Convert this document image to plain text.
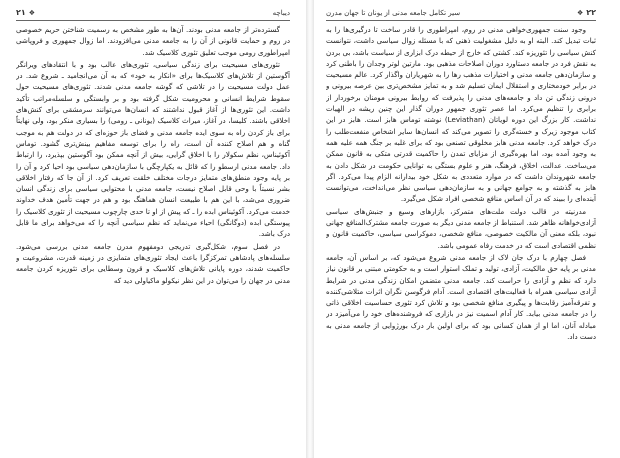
۲۱ ❖	دیباچه

گسترده‌تر از جامعه مدنی بودند. آن‌ها به طور مشخص به رسمیت شناختن حریم خصوصی در روم و حمایت قانونی از آن را به جامعه مدنی می‌افزودند. اما زوال جمهوری و فروپاشی امپراطوری رومی موجب تعلیق تئوری کلاسیک شد.

تئوری‌های مسیحیت برای زندگی سیاسی، تئوری‌های عالب بود و با انتقادهای ویرانگر آگوستین از تلاش‌های کلاسیک‌ها برای «انکار به خود» که به آن می‌انجامید ـ شروع شد. در عمل دولت مسیحیت را در تلاشی که گوشه جامعه مدنی شدند. تئوری‌های مسیحیت حول سقوط شرایط انسانی و محرومیت شکل گرفته بود و بر وابستگی و سلسله‌مراتب تأکید داشت. این تئوری‌ها از آغاز قبول نداشتند که انسان‌ها می‌توانند سرمشقی برای کنش‌های اخلاقی باشند. کلیسا، در آغاز، میراث کلاسیک (یونانی ـ رومی) را بسیاری منکر بود، ولی نهایتاً برای باز کردن راه به سوی ایده جامعه مدنی و فضای باز حوزه‌ای که در دولت هم به موجب گناه و هم اصلاح کننده آن است، راه را برای توسعه مفاهیم بینش‌تری گشود. توماس آکوئیناس، نظم سکولار را با اخلاق گرایی، بیش از آنچه ممکن بود آگوستین بپذیرد، را ارتباط داد. جامعه مدنی ارسطو را که قائل به یکپارچگی با سازمان‌دهی سیاسی بود احیا کرد و آن را بر پایه وجود منطق‌های متمایز درجات مختلف خلقت تعریف کرد. از آن جا که رفتار اخلاقی بشر نسبتاً با وحی قابل اصلاح نیست، جامعه مدنی با محتوایی سیاسی برای زندگی انسان ضروری می‌شد، با این هم با طبیعت انسان هماهنگ بود و هم در جهت تأمین هدف خداوند خدمت می‌کرد. آکوئیناس ابده را ـ که پیش از او تا حدی چارچوب مسیحیت از تئوری کلاسیک را پیوستگی ابده (دوگانگی) احیاء می‌نماید که نظم سیاسی آنچه را که می‌خواهد برای ما قابل درک باشد.

در فصل سوم، شکل‌گیری تدریجی دومفهوم مدرن جامعه مدنی بررسی می‌شود. سلسله‌های پادشاهی تمرکزگرا باعث ایجاد تئوری‌های متمایزی در زمینه قدرت، مشروعیت و حاکمیت شدند، دوره پایانی تلاش‌های کلاسیک و قرون وسطایی برای تئوریزه کردن جامعه مدنی در جهان را می‌توان در این نظر نیکولو ماکیاولی دید که

سیر تکامل جامعه مدنی از یونان تا جهان مدرن	❖ ۲۲

وجود سنت جمهوری‌خواهی مدنی در روم، امپراطوری را قادر ساخت تا درگیری‌ها را به ثبات تبدیل کند. البته او به دلیل مشغولیت ذهنی که با مسئله زوال سیاسی داشت، نتوانست کنش سیاسی را تئوریزه کند. کشتی که خارج از حیطه درک ابزاری از سیاست باشد، بی بردن به نقش فرد در جامعه دستاورد دوران اصلاحات مذهبی بود. مارتین لوتر وجدان را باطنی کرد و سازمان‌دهی جامعه مدنی و اختیارات مذهب رها را به شهریاران واگذار کرد. عالم مسیحیت در برابر خودمختاری و استقلال ایمان تسلیم شد و به تمایز مشخص‌تری بین عرصه بیرونی و درونی زندگی تن داد و جامعه‌های مدنی را پذیرفت که روابط بیرونی مومنان برخوردار از برابری را تنظیم می‌کرد. اما عصر تئوری جمهور دوران گذار این چنین ریشه در الهیات نداشت. کار بزرگ این دوره لویاتان (Leviathan) نوشته توماس هابز است. هابز در این کتاب موجود زیرک و خسته‌گری را تصویر می‌کند که انسان‌ها سایر اشخاص منفعت‌طلب را درک خواهد کرد. جامعه مدنی هابز مخلوقی تصنعی بود که برای غلبه بر جنگ همه علیه همه به وجود آمده بود، اما بهره‌گیری از مزایای تمدن را حاکمیت قدرتی متکی به قانون ممکن می‌ساخت. عدالت، اخلاق، فرهنگ، هنر و علوم بستگی به توانایی حکومت در شکل دادن به جامعه شهروندان داشت که در موارد متعددی به شکل خود بیدارانه الزام پیدا می‌کرد. اگر هابز به گذشته و به جوامع جهانی و به سازمان‌دهی سیاسی نظر می‌انداخت، می‌توانست آینده‌ای را ببیند که در آن اساس منافع شخصی افراد شکل می‌گیرد.

مدرنیته در قالب دولت ملت‌های متمرکز، بازارهای وسیع و جنبش‌های سیاسی آزادی‌خواهانه ظاهر شد. استنباط از جامعه مدنی دیگر به صورت جامعه مشترک‌المنافع جهانی نبود، بلکه معنی آن مالکیت خصوصی، منافع شخصی، دموکراسی سیاسی، حاکمیت قانون و نظمی اقتصادی است که در خدمت رفاه عمومی باشد.

فصل چهارم با درک جان لاک از جامعه مدنی شروع می‌شود که، بر اساس آن، جامعه مدنی بر پایه حق مالکیت، آزادی، تولید و تملک استوار است و به حکومتی مبتنی بر قانون نیاز دارد که نظم و آزادی را حراست کند. جامعه مدنی متضمن امکان زندگی مدنی در شرایط آزادی سیاسی همراه با فعالیت‌های اقتصادی است. آدام فرگوسن نگران اثرات متلاشی‌کننده و تفرقه‌آمیز رقابت‌ها و پیگیری منافع شخصی بود و تلاش کرد تئوری حساسیت اخلاقی ذاتی را در جامعه مدنی بیابد. کار آدام اسمیت نیز در بازاری که فروشنده‌های خود را می‌آمیزد در مبادله آنان، اما او از همان کسانی بود که برای اولین بار درک بورژوایی از جامعه مدنی به دست داد.
